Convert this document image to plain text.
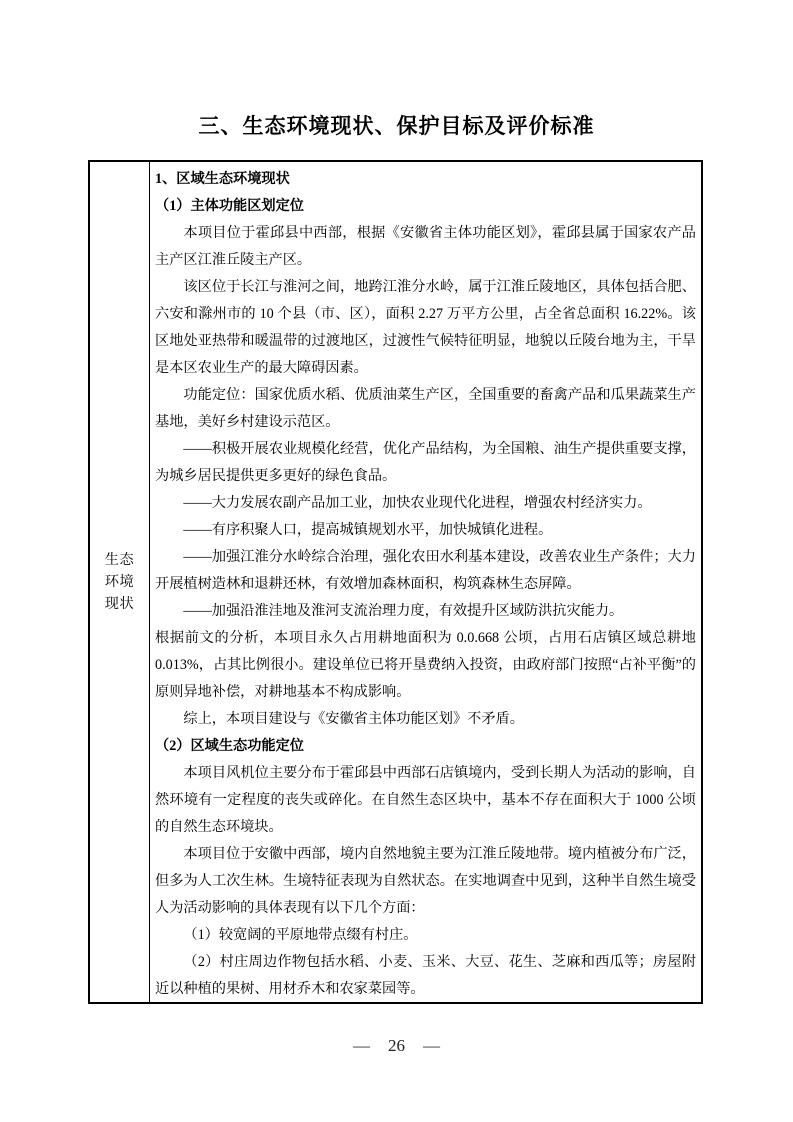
三、生态环境现状、保护目标及评价标准
生态环境现状

1、区域生态环境现状

（1）主体功能区划定位

本项目位于霍邱县中西部，根据《安徽省主体功能区划》，霍邱县属于国家农产品主产区江淮丘陵主产区。

该区位于长江与淮河之间，地跨江淮分水岭，属于江淮丘陵地区，具体包括合肥、六安和滁州市的 10 个县（市、区），面积 2.27 万平方公里，占全省总面积 16.22%。该区地处亚热带和暖温带的过渡地区，过渡性气候特征明显，地貌以丘陵台地为主，干旱是本区农业生产的最大障碍因素。

功能定位：国家优质水稻、优质油菜生产区，全国重要的畜禽产品和瓜果蔬菜生产基地，美好乡村建设示范区。

——积极开展农业规模化经营，优化产品结构，为全国粮、油生产提供重要支撑，为城乡居民提供更多更好的绿色食品。

——大力发展农副产品加工业，加快农业现代化进程，增强农村经济实力。

——有序积聚人口，提高城镇规划水平，加快城镇化进程。

——加强江淮分水岭综合治理，强化农田水利基本建设，改善农业生产条件；大力开展植树造林和退耕还林，有效增加森林面积，构筑森林生态屏障。

——加强沿淮洼地及淮河支流治理力度，有效提升区域防洪抗灾能力。

根据前文的分析，本项目永久占用耕地面积为 0.0.668 公顷，占用石店镇区域总耕地 0.013%，占其比例很小。建设单位已将开垦费纳入投资，由政府部门按照“占补平衡”的原则异地补偿，对耕地基本不构成影响。

综上，本项目建设与《安徽省主体功能区划》不矛盾。

（2）区域生态功能定位

本项目风机位主要分布于霍邱县中西部石店镇境内，受到长期人为活动的影响，自然环境有一定程度的丧失或碎化。在自然生态区块中，基本不存在面积大于 1000 公顷的自然生态环境块。

本项目位于安徽中西部，境内自然地貌主要为江淮丘陵地带。境内植被分布广泛，但多为人工次生林。生境特征表现为自然状态。在实地调查中见到，这种半自然生境受人为活动影响的具体表现有以下几个方面：

（1）较宽阔的平原地带点缀有村庄。

（2）村庄周边作物包括水稻、小麦、玉米、大豆、花生、芝麻和西瓜等；房屋附近以种植的果树、用材乔木和农家菜园等。

— 26 —
